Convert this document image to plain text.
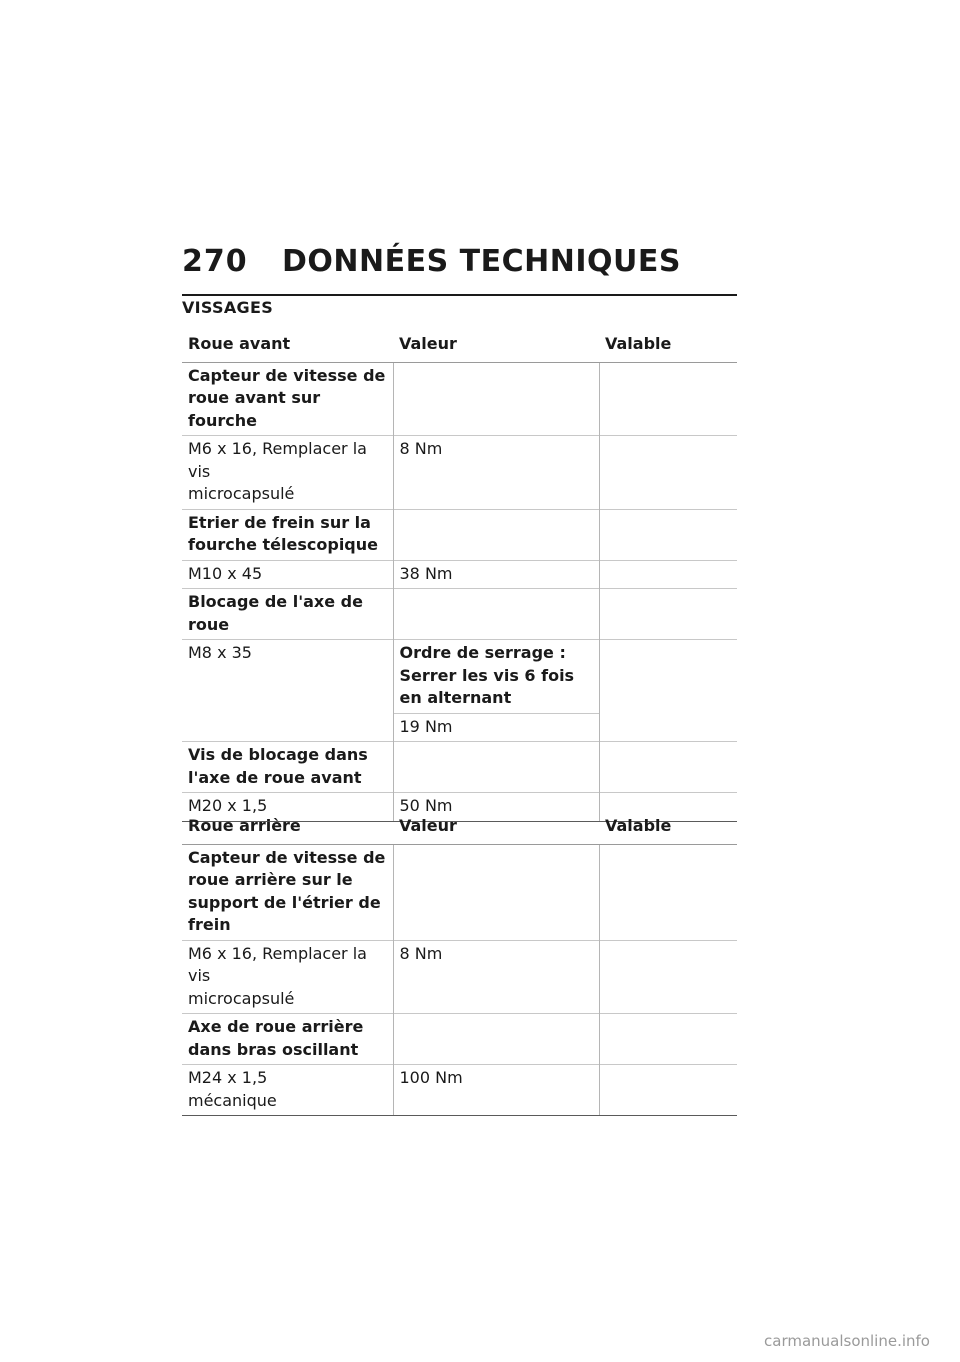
270 DONNÉES TECHNIQUES
VISSAGES
Roue avant	Valeur	Valable
Capteur de vitesse de roue avant sur fourche		

M6 x 16, Remplacer la
vis
microcapsulé	8 Nm	
Etrier de frein sur la fourche télescopique		
M10 x 45	38 Nm	
Blocage de l'axe de roue		
M8 x 35	Ordre de serrage : Serrer les vis 6 fois en alternant	
	19 Nm	
Vis de blocage dans l'axe de roue avant		
M20 x 1,5	50 Nm	
Roue arrière	Valeur	Valable
Capteur de vitesse de roue arrière sur le support de l'étrier de frein		

M6 x 16, Remplacer la
vis
microcapsulé	8 Nm	
Axe de roue arrière dans bras oscillant		

M24 x 1,5
mécanique	100 Nm	
carmanualsonline.info
